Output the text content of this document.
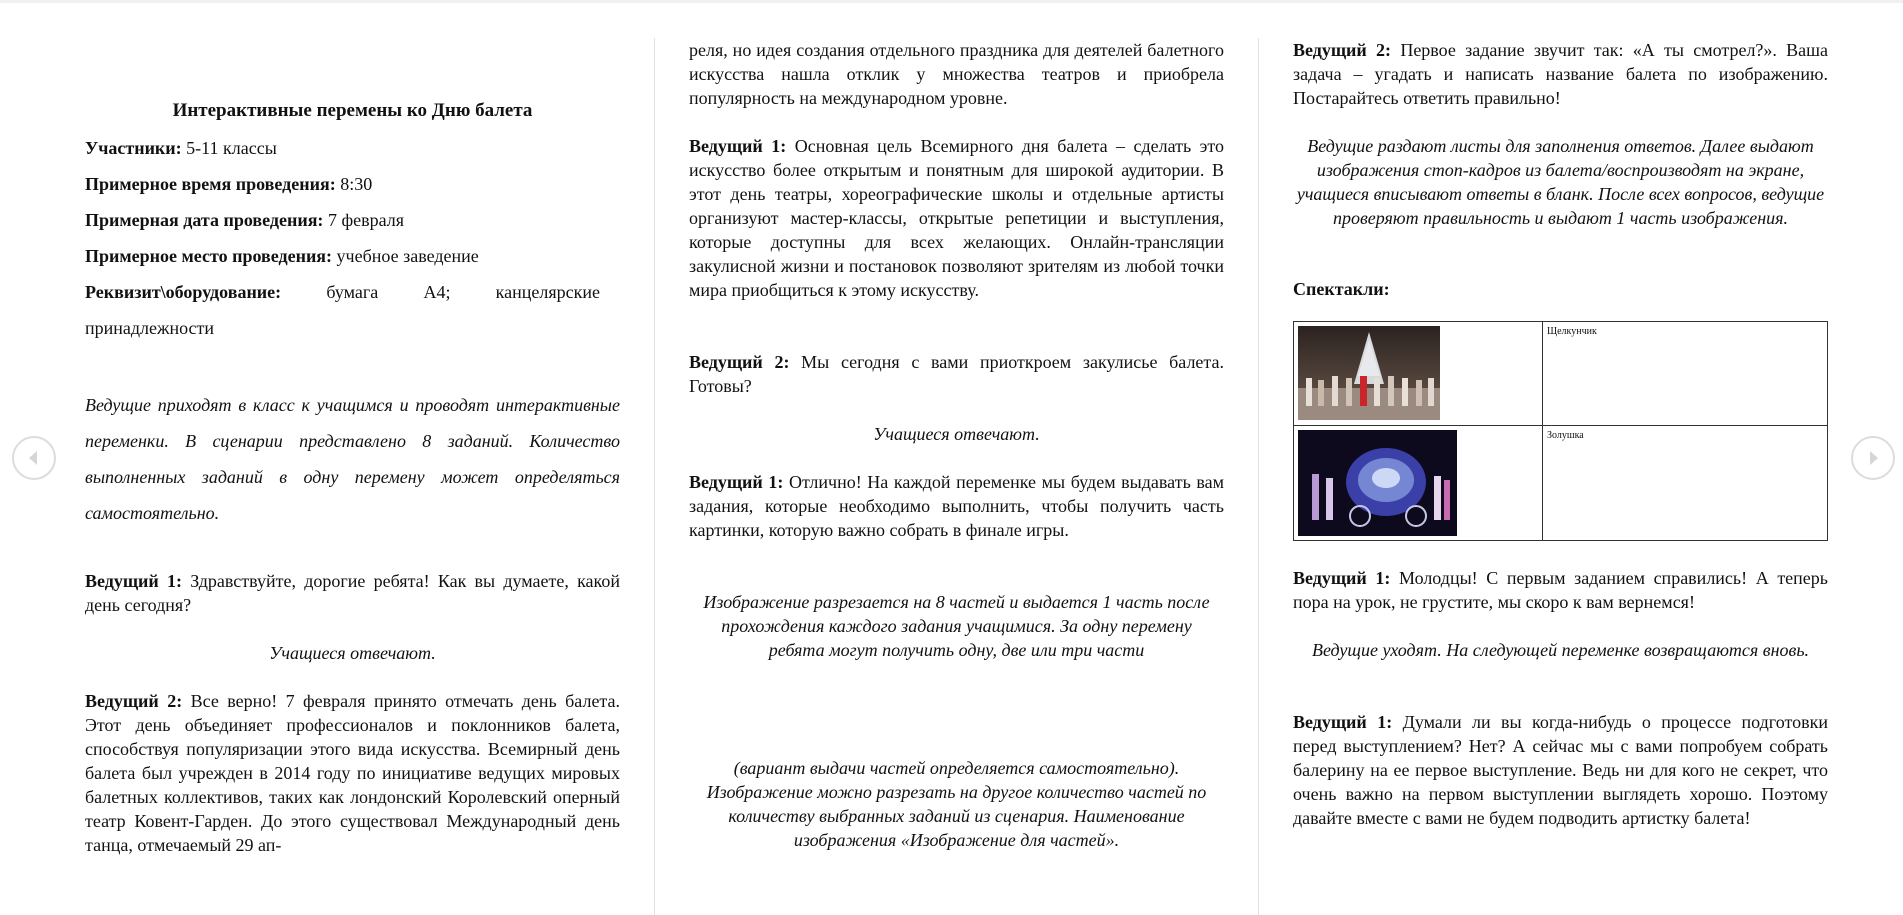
Интерактивные перемены ко Дню балета
Участники: 5-11 классы
Примерное время проведения: 8:30
Примерная дата проведения: 7 февраля
Примерное место проведения: учебное заведение
Реквизит\оборудование: бумага А4; канцелярские принадлежности
Ведущие приходят в класс к учащимся и проводят интерактивные переменки. В сценарии представлено 8 заданий. Количество выполненных заданий в одну перемену может определяться самостоятельно.
Ведущий 1: Здравствуйте, дорогие ребята! Как вы думаете, какой день сегодня?
Учащиеся отвечают.
Ведущий 2: Все верно! 7 февраля принято отмечать день балета. Этот день объединяет профессионалов и поклонников балета, способствуя популяризации этого вида искусства. Всемирный день балета был учрежден в 2014 году по инициативе ведущих мировых балетных коллективов, таких как лондонский Королевский оперный театр Ковент-Гарден. До этого существовал Международный день танца, отмечаемый 29 ап-
реля, но идея создания отдельного праздника для деятелей балетного искусства нашла отклик у множества театров и приобрела популярность на международном уровне.
Ведущий 1: Основная цель Всемирного дня балета – сделать это искусство более открытым и понятным для широкой аудитории. В этот день театры, хореографические школы и отдельные артисты организуют мастер-классы, открытые репетиции и выступления, которые доступны для всех желающих. Онлайн-трансляции закулисной жизни и постановок позволяют зрителям из любой точки мира приобщиться к этому искусству.
Ведущий 2: Мы сегодня с вами приоткроем закулисье балета. Готовы?
Учащиеся отвечают.
Ведущий 1: Отлично! На каждой переменке мы будем выдавать вам задания, которые необходимо выполнить, чтобы получить часть картинки, которую важно собрать в финале игры.
Изображение разрезается на 8 частей и выдается 1 часть после прохождения каждого задания учащимися. За одну перемену ребята могут получить одну, две или три части
(вариант выдачи частей определяется самостоятельно). Изображение можно разрезать на другое количество частей по количеству выбранных заданий из сценария. Наименование изображения «Изображение для частей».
Ведущий 2: Первое задание звучит так: «А ты смотрел?». Ваша задача – угадать и написать название балета по изображению. Постарайтесь ответить правильно!
Ведущие раздают листы для заполнения ответов. Далее выдают изображения стоп-кадров из балета/воспроизводят на экране, учащиеся вписывают ответы в бланк. После всех вопросов, ведущие проверяют правильность и выдают 1 часть изображения.
Спектакли:
	Щелкунчик

	Золушка
Ведущий 1: Молодцы! С первым заданием справились! А теперь пора на урок, не грустите, мы скоро к вам вернемся!
Ведущие уходят. На следующей переменке возвращаются вновь.
Ведущий 1: Думали ли вы когда-нибудь о процессе подготовки перед выступлением? Нет? А сейчас мы с вами попробуем собрать балерину на ее первое выступление. Ведь ни для кого не секрет, что очень важно на первом выступлении выглядеть хорошо. Поэтому давайте вместе с вами не будем подводить артистку балета!
